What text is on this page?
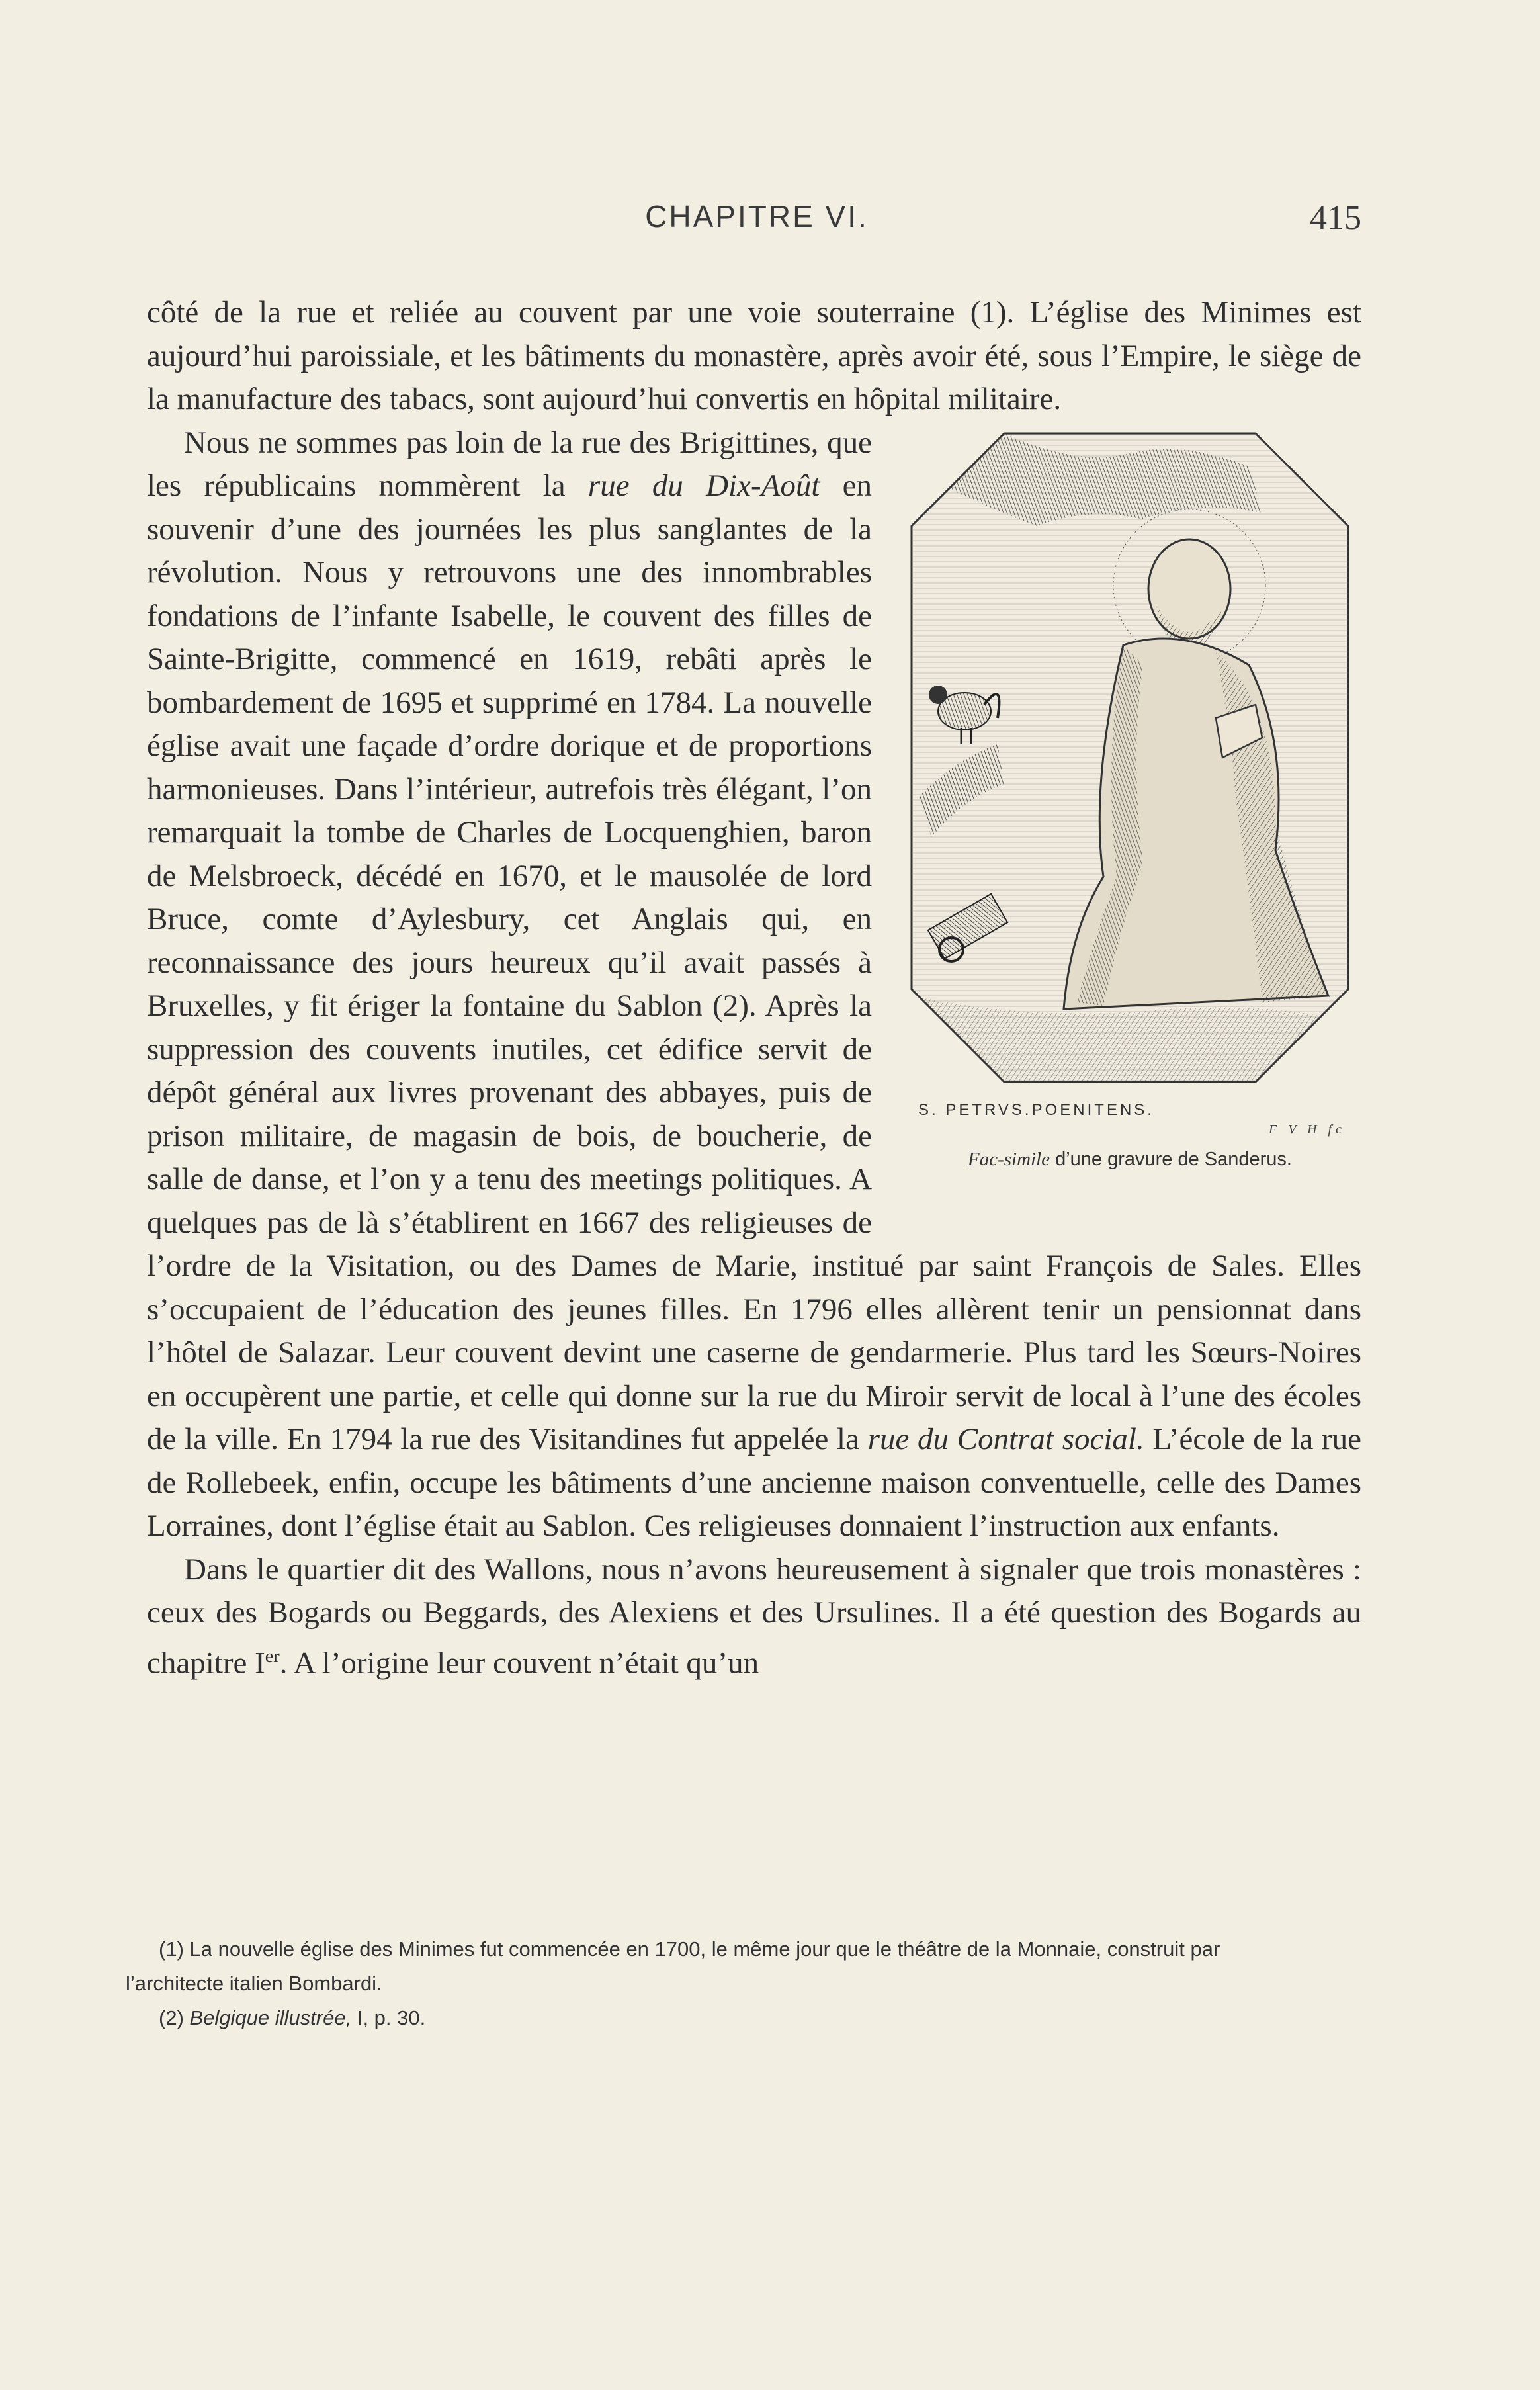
CHAPITRE VI.	415

côté de la rue et reliée au couvent par une voie souterraine (1). L’église des Minimes est aujourd’hui paroissiale, et les bâtiments du monastère, après avoir été, sous l’Empire, le siège de la manufacture des tabacs, sont aujourd’hui convertis en hôpital militaire.

S. PETRVS.POENITENS.
F V H fc
Fac-simile d’une gravure de Sanderus.

Nous ne sommes pas loin de la rue des Brigittines, que les républicains nommèrent la rue du Dix-Août en souvenir d’une des journées les plus sanglantes de la révolution. Nous y retrouvons une des innombrables fondations de l’infante Isabelle, le couvent des filles de Sainte-Brigitte, commencé en 1619, rebâti après le bombardement de 1695 et supprimé en 1784. La nouvelle église avait une façade d’ordre dorique et de proportions harmonieuses. Dans l’intérieur, autrefois très élégant, l’on remarquait la tombe de Charles de Locquenghien, baron de Melsbroeck, décédé en 1670, et le mausolée de lord Bruce, comte d’Aylesbury, cet Anglais qui, en reconnaissance des jours heureux qu’il avait passés à Bruxelles, y fit ériger la fontaine du Sablon (2). Après la suppression des couvents inutiles, cet édifice servit de dépôt général aux livres provenant des abbayes, puis de prison militaire, de magasin de bois, de boucherie, de salle de danse, et l’on y a tenu des meetings politiques. A quelques pas de là s’établirent en 1667 des religieuses de l’ordre de la Visitation, ou des Dames de Marie, institué par saint François de Sales. Elles s’occupaient de l’éducation des jeunes filles. En 1796 elles allèrent tenir un pensionnat dans l’hôtel de Salazar. Leur couvent devint une caserne de gendarmerie. Plus tard les Sœurs-Noires en occupèrent une partie, et celle qui donne sur la rue du Miroir servit de local à l’une des écoles de la ville. En 1794 la rue des Visitandines fut appelée la rue du Contrat social. L’école de la rue de Rollebeek, enfin, occupe les bâtiments d’une ancienne maison conventuelle, celle des Dames Lorraines, dont l’église était au Sablon. Ces religieuses donnaient l’instruction aux enfants.

Dans le quartier dit des Wallons, nous n’avons heureusement à signaler que trois monastères : ceux des Bogards ou Beggards, des Alexiens et des Ursulines. Il a été question des Bogards au chapitre Ier. A l’origine leur couvent n’était qu’un

(1) La nouvelle église des Minimes fut commencée en 1700, le même jour que le théâtre de la Monnaie, construit par

l’architecte italien Bombardi.

(2) Belgique illustrée, I, p. 30.
